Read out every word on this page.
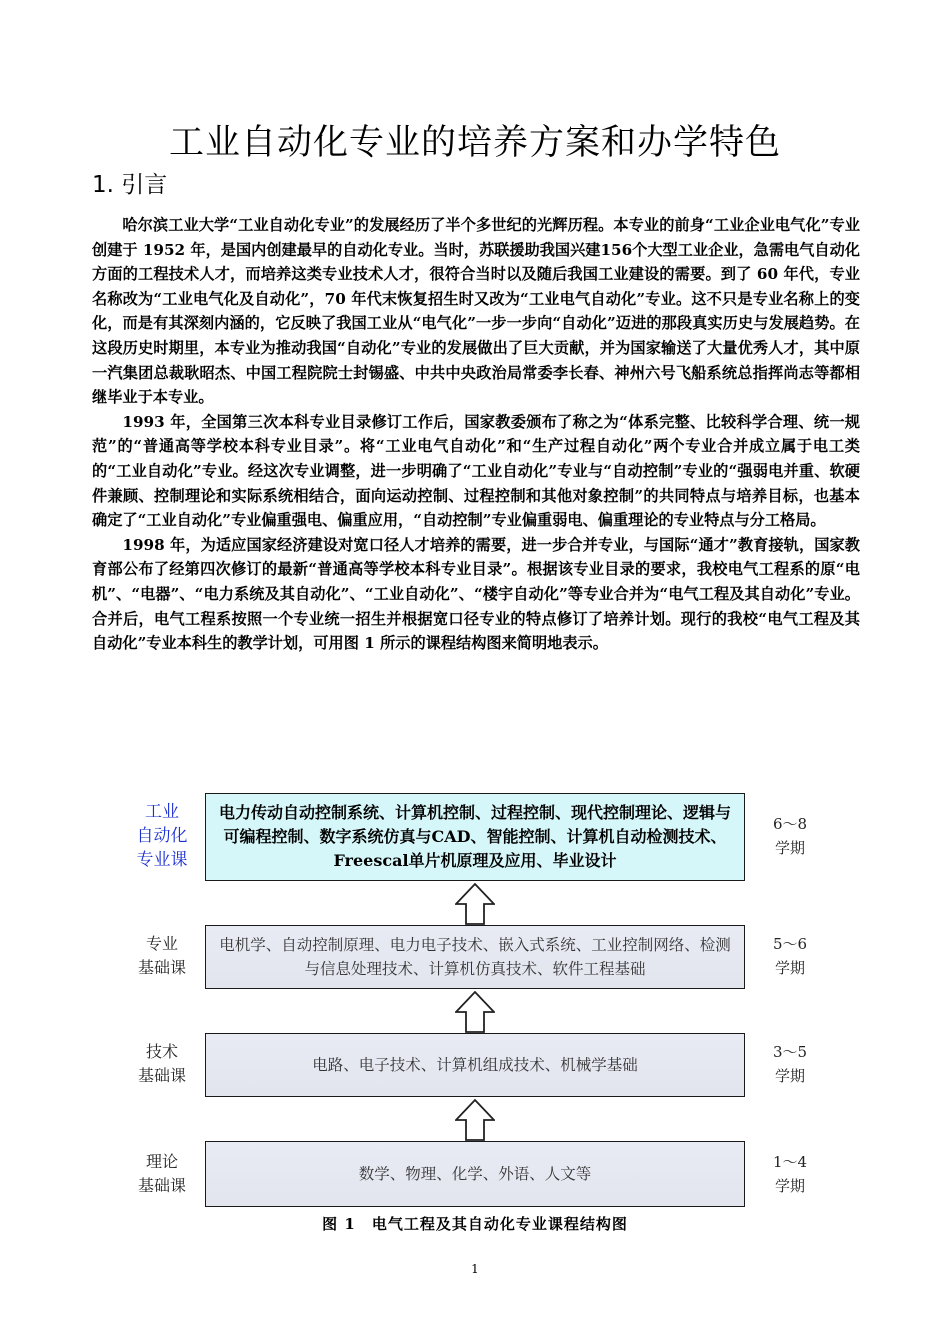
工业自动化专业的培养方案和办学特色
1. 引言

哈尔滨工业大学“工业自动化专业”的发展经历了半个多世纪的光辉历程。本专业的前身“工业企业电气化”专业创建于 1952 年，是国内创建最早的自动化专业。当时，苏联援助我国兴建156个大型工业企业，急需电气自动化方面的工程技术人才，而培养这类专业技术人才，很符合当时以及随后我国工业建设的需要。到了 60 年代，专业名称改为“工业电气化及自动化”，70 年代末恢复招生时又改为“工业电气自动化”专业。这不只是专业名称上的变化，而是有其深刻内涵的，它反映了我国工业从“电气化”一步一步向“自动化”迈进的那段真实历史与发展趋势。在这段历史时期里，本专业为推动我国“自动化”专业的发展做出了巨大贡献，并为国家输送了大量优秀人才，其中原一汽集团总裁耿昭杰、中国工程院院士封锡盛、中共中央政治局常委李长春、神州六号飞船系统总指挥尚志等都相继毕业于本专业。

1993 年，全国第三次本科专业目录修订工作后，国家教委颁布了称之为“体系完整、比较科学合理、统一规范”的“普通高等学校本科专业目录”。将“工业电气自动化”和“生产过程自动化”两个专业合并成立属于电工类的“工业自动化”专业。经这次专业调整，进一步明确了“工业自动化”专业与“自动控制”专业的“强弱电并重、软硬件兼顾、控制理论和实际系统相结合，面向运动控制、过程控制和其他对象控制”的共同特点与培养目标，也基本确定了“工业自动化”专业偏重强电、偏重应用，“自动控制”专业偏重弱电、偏重理论的专业特点与分工格局。

1998 年，为适应国家经济建设对宽口径人才培养的需要，进一步合并专业，与国际“通才”教育接轨，国家教育部公布了经第四次修订的最新“普通高等学校本科专业目录”。根据该专业目录的要求，我校电气工程系的原“电机”、“电器”、“电力系统及其自动化”、“工业自动化”、“楼宇自动化”等专业合并为“电气工程及其自动化”专业。合并后，电气工程系按照一个专业统一招生并根据宽口径专业的特点修订了培养计划。现行的我校“电气工程及其自动化”专业本科生的教学计划，可用图 1 所示的课程结构图来简明地表示。

工业
自动化
专业课
电力传动自动控制系统、计算机控制、过程控制、现代控制理论、逻辑与可编程控制、数字系统仿真与CAD、智能控制、计算机自动检测技术、Freescal单片机原理及应用、毕业设计
6～8
学期
专业
基础课
电机学、自动控制原理、电力电子技术、嵌入式系统、工业控制网络、检测与信息处理技术、计算机仿真技术、软件工程基础
5～6
学期
技术
基础课
电路、电子技术、计算机组成技术、机械学基础
3～5
学期
理论
基础课
数学、物理、化学、外语、人文等
1～4
学期
图 1　电气工程及其自动化专业课程结构图
1
